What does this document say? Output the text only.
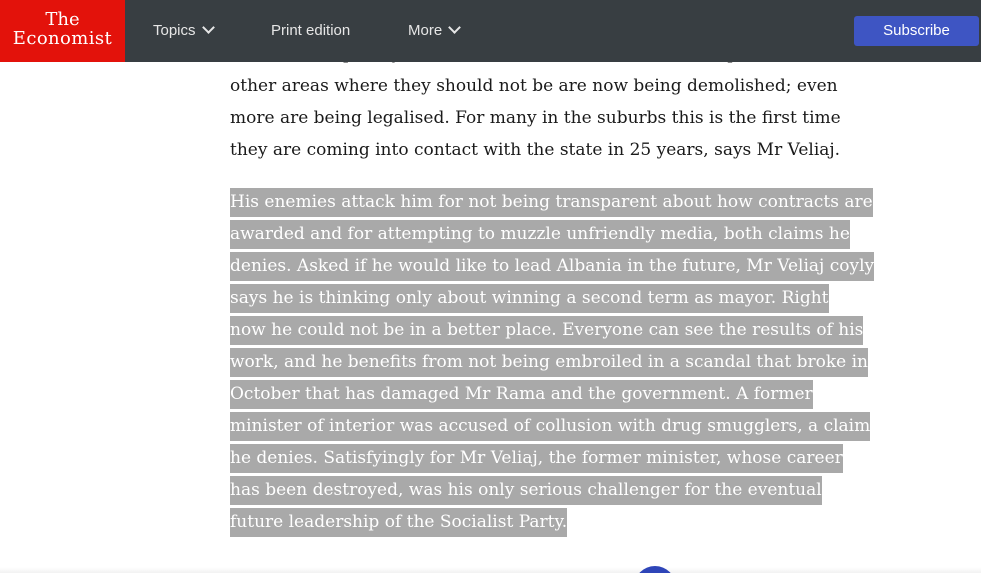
other areas where they should not be are now being demolished; even
more are being legalised. For many in the suburbs this is the first time
they are coming into contact with the state in 25 years, says Mr Veliaj.

His enemies attack him for not being transparent about how contracts are
awarded and for attempting to muzzle unfriendly media, both claims he
denies. Asked if he would like to lead Albania in the future, Mr Veliaj coyly
says he is thinking only about winning a second term as mayor. Right
now he could not be in a better place. Everyone can see the results of his
work, and he benefits from not being embroiled in a scandal that broke in
October that has damaged Mr Rama and the government. A former
minister of interior was accused of collusion with drug smugglers, a claim
he denies. Satisfyingly for Mr Veliaj, the former minister, whose career
has been destroyed, was his only serious challenger for the eventual
future leadership of the Socialist Party.

The
Economist	Topics	Print edition	More	Subscribe
